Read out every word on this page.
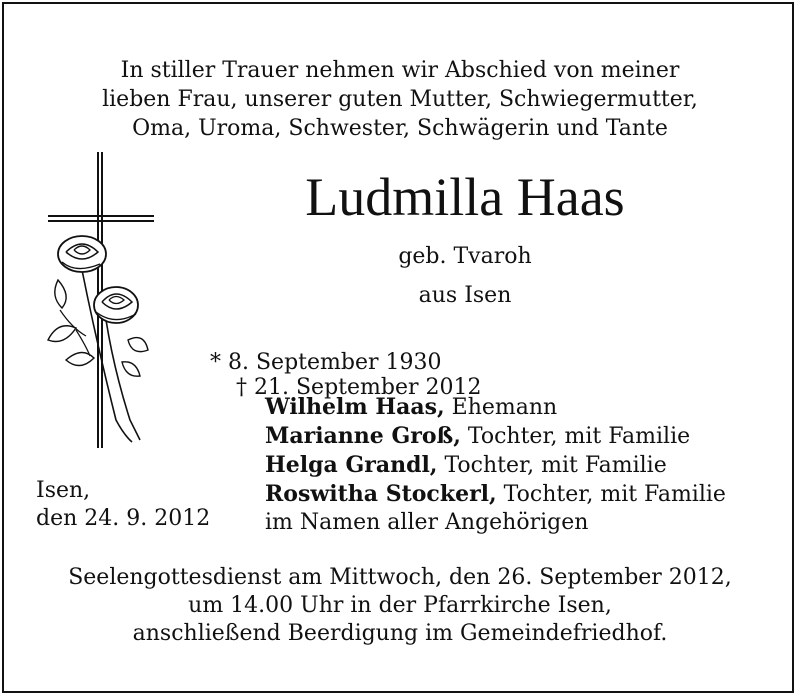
In stiller Trauer nehmen wir Abschied von meiner
lieben Frau, unserer guten Mutter, Schwiegermutter,
Oma, Uroma, Schwester, Schwägerin und Tante
Ludmilla Haas
geb. Tvaroh
aus Isen

* 8. September 1930
† 21. September 2012

Wilhelm Haas, Ehemann
Marianne Groß, Tochter, mit Familie
Helga Grandl, Tochter, mit Familie
Roswitha Stockerl, Tochter, mit Familie
im Namen aller Angehörigen
Isen,
den 24. 9. 2012
Seelengottesdienst am Mittwoch, den 26. September 2012,
um 14.00 Uhr in der Pfarrkirche Isen,
anschließend Beerdigung im Gemeindefriedhof.
